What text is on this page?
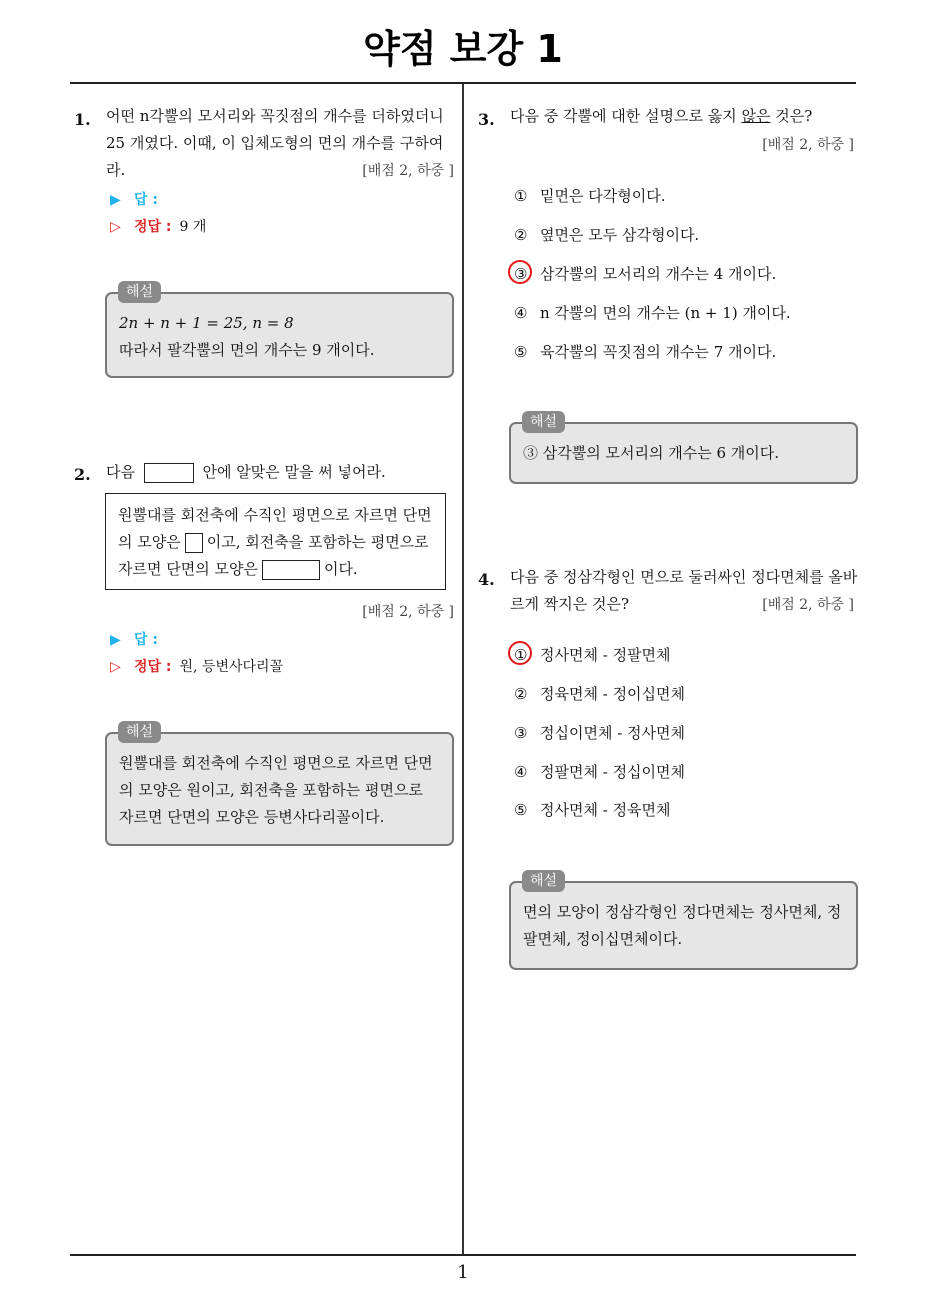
약점 보강 1
1
1. 어떤 n각뿔의 모서리와 꼭짓점의 개수를 더하였더니
25 개였다. 이때, 이 입체도형의 면의 개수를 구하여라.	[배점 2, 하중 ]
▶ 답 :
▷ 정답 : 9 개
2n + n + 1 = 25, n = 8
따라서 팔각뿔의 면의 개수는 9 개이다.
해설
2. 다음	안에 알맞은 말을 써 넣어라.
원뿔대를 회전축에 수직인 평면으로 자르면 단면
의 모양은 이고, 회전축을 포함하는 평면으로
자르면 단면의 모양은	이다.
[배점 2, 하중 ]
▶ 답 :
▷ 정답 : 원, 등변사다리꼴
원뿔대를 회전축에 수직인 평면으로 자르면 단면
의 모양은 원이고, 회전축을 포함하는 평면으로
자르면 단면의 모양은 등변사다리꼴이다.
해설
3. 다음 중 각뿔에 대한 설명으로 옳지 않은 것은?
[배점 2, 하중 ]
① 밑면은 다각형이다.
② 옆면은 모두 삼각형이다.
③ 삼각뿔의 모서리의 개수는 4 개이다.
④ n 각뿔의 면의 개수는 (n + 1) 개이다.
⑤ 육각뿔의 꼭짓점의 개수는 7 개이다.
③ 삼각뿔의 모서리의 개수는 6 개이다.
해설
4. 다음 중 정삼각형인 면으로 둘러싸인 정다면체를 올바
르게 짝지은 것은?	[배점 2, 하중 ]
① 정사면체 - 정팔면체
② 정육면체 - 정이십면체
③ 정십이면체 - 정사면체
④ 정팔면체 - 정십이면체
⑤ 정사면체 - 정육면체
면의 모양이 정삼각형인 정다면체는 정사면체, 정
팔면체, 정이십면체이다.
해설
